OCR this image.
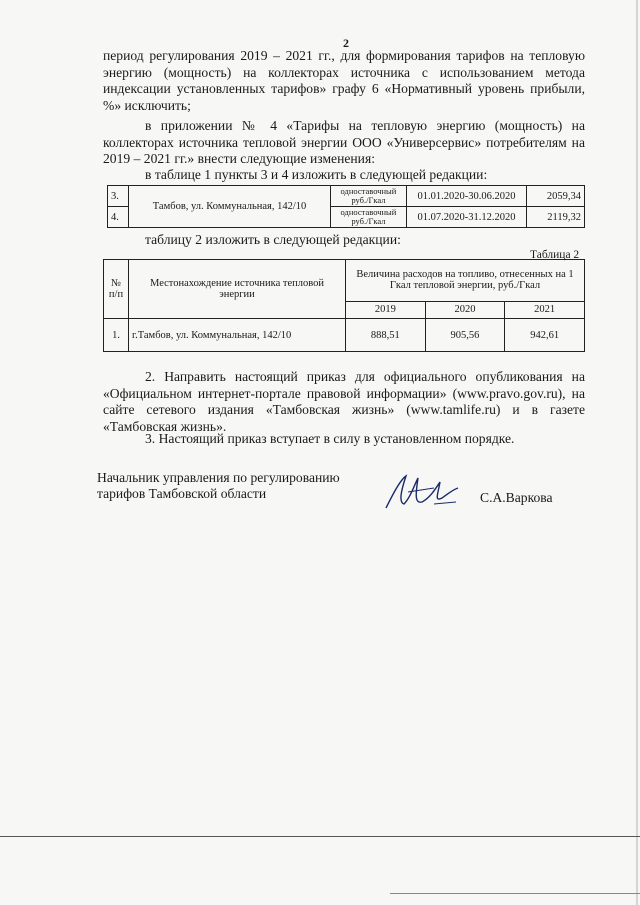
2
период регулирования 2019 – 2021 гг., для формирования тарифов на тепловую энергию (мощность) на коллекторах источника с использованием метода индексации установленных тарифов» графу 6 «Нормативный уровень прибыли, %» исключить;
в приложении № 4 «Тарифы на тепловую энергию (мощность) на коллекторах источника тепловой энергии ООО «Универсервис» потребителям на 2019 – 2021 гг.» внести следующие изменения:
в таблице 1 пункты 3 и 4 изложить в следующей редакции:
3.	Тамбов, ул. Коммунальная, 142/10	одноставочный руб./Гкал	01.01.2020-30.06.2020	2059,34
4.		одноставочный руб./Гкал	01.07.2020-31.12.2020	2119,32
таблицу 2 изложить в следующей редакции:
Таблица 2
№ п/п	Местонахождение источника тепловой энергии	Величина расходов на топливо, отнесенных на 1 Гкал тепловой энергии, руб./Гкал		
		2019	2020	2021
1.	г.Тамбов, ул. Коммунальная, 142/10	888,51	905,56	942,61
2. Направить настоящий приказ для официального опубликования на «Официальном интернет-портале правовой информации» (www.pravo.gov.ru), на сайте сетевого издания «Тамбовская жизнь» (www.tamlife.ru) и в газете «Тамбовская жизнь».
3. Настоящий приказ вступает в силу в установленном порядке.
Начальник управления по регулированию тарифов Тамбовской области	С.А.Варкова
